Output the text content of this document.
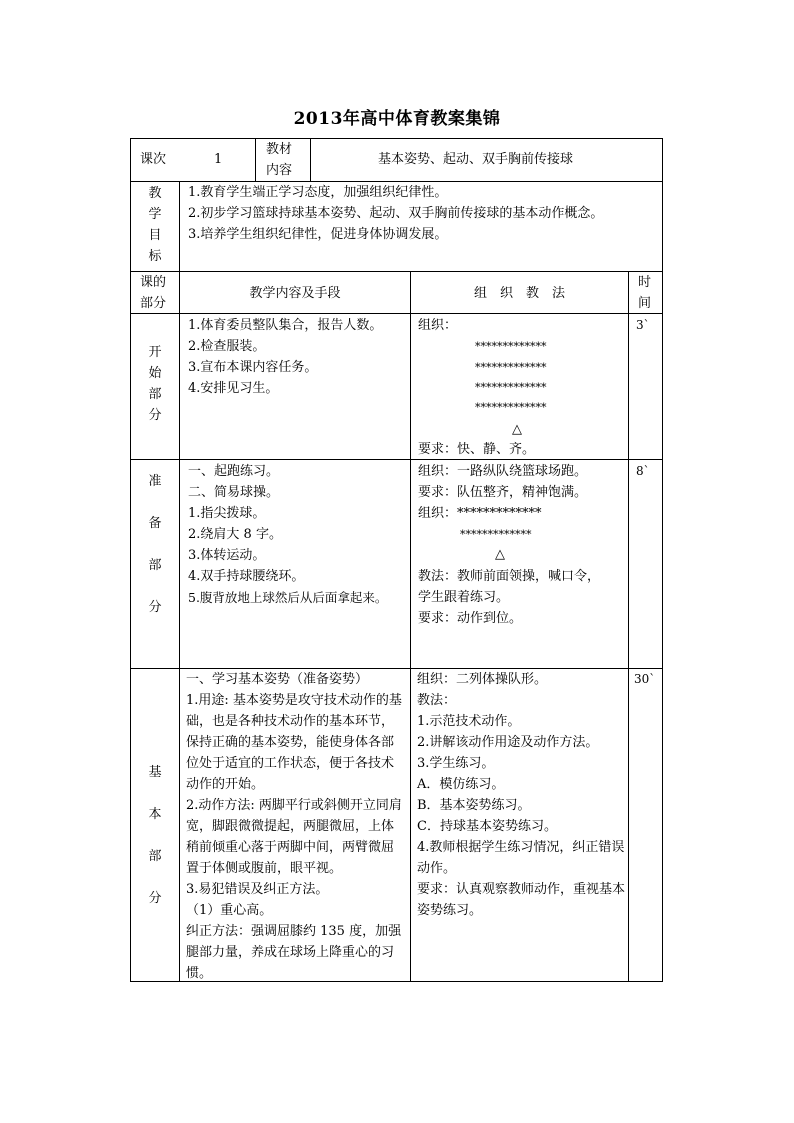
2013年高中体育教案集锦
课次	1
教材
内容
基本姿势、起动、双手胸前传接球
教
学
目
标
1.教育学生端正学习态度，加强组织纪律性。
2.初步学习篮球持球基本姿势、起动、双手胸前传接球的基本动作概念。
3.培养学生组织纪律性，促进身体协调发展。
课的
部分
教学内容及手段	组　织　教　法
时
间
开
始
部
分
1.体育委员整队集合，报告人数。
2.检查服装。
3.宣布本课内容任务。
4.安排见习生。
组织：
*************
*************
*************
*************
△
要求：快、静、齐。
3`
准
备
部
分
一、起跑练习。
二、简易球操。
1.指尖拨球。
2.绕肩大 8 字。
3.体转运动。
4.双手持球腰绕环。
5.腹背放地上球然后从后面拿起来。
组织：一路纵队绕篮球场跑。
要求：队伍整齐，精神饱满。
组织：*************
*************
△
教法：教师前面领操，喊口令，
学生跟着练习。
要求：动作到位。
8`
基
本
部
分
一、学习基本姿势（准备姿势）
1.用途: 基本姿势是攻守技术动作的基础，也是各种技术动作的基本环节，保持正确的基本姿势，能使身体各部位处于适宜的工作状态，便于各技术动作的开始。
2.动作方法: 两脚平行或斜侧开立同肩宽，脚跟微微提起，两腿微屈，上体稍前倾重心落于两脚中间，两臂微屈置于体侧或腹前，眼平视。
3.易犯错误及纠正方法。
（1）重心高。
纠正方法：强调屈膝约 135 度，加强腿部力量，养成在球场上降重心的习惯。
组织：二列体操队形。
教法：
1.示范技术动作。
2.讲解该动作用途及动作方法。
3.学生练习。
A．模仿练习。
B．基本姿势练习。
C．持球基本姿势练习。
4.教师根据学生练习情况，纠正错误动作。
要求：认真观察教师动作，重视基本姿势练习。
30`
